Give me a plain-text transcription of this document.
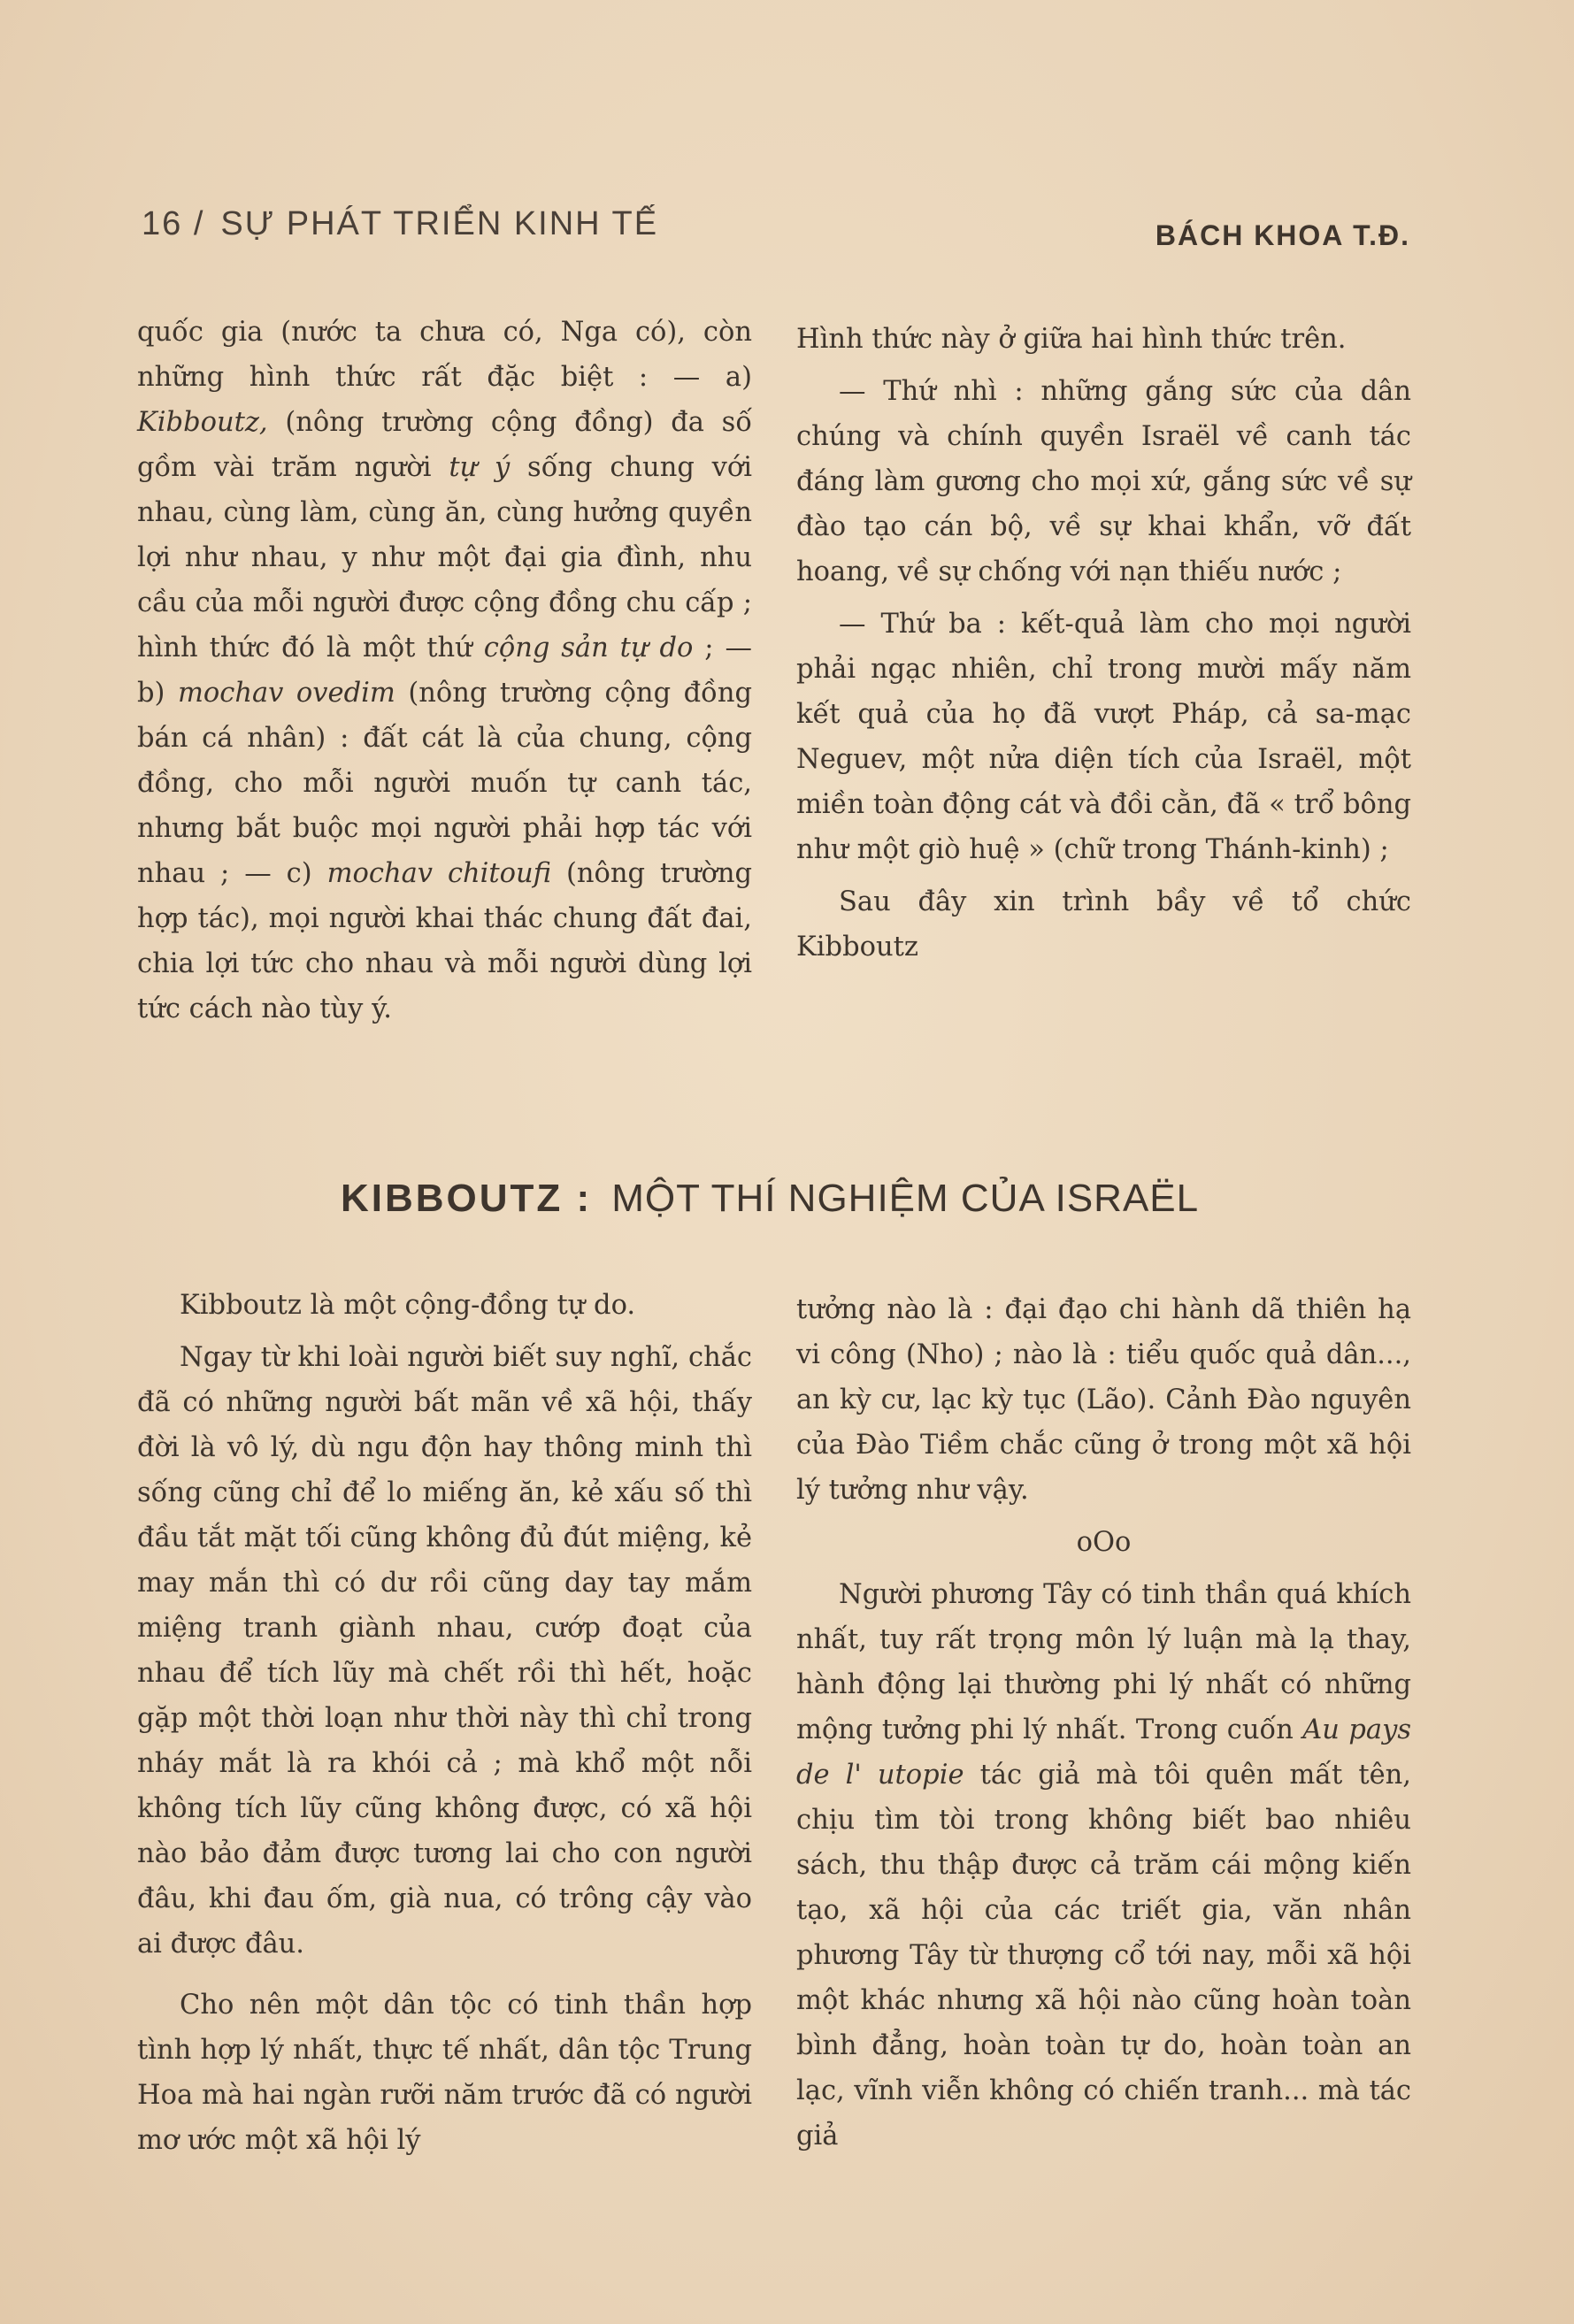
16 / SỰ PHÁT TRIỂN KINH TẾ	BÁCH KHOA T.Đ.

quốc gia (nước ta chưa có, Nga có), còn những hình thức rất đặc biệt : — a) Kibboutz, (nông trường cộng đồng) đa số gồm vài trăm người tự ý sống chung với nhau, cùng làm, cùng ăn, cùng hưởng quyền lợi như nhau, y như một đại gia đình, nhu cầu của mỗi người được cộng đồng chu cấp ; hình thức đó là một thứ cộng sản tự do ; — b) mochav ovedim (nông trường cộng đồng bán cá nhân) : đất cát là của chung, cộng đồng, cho mỗi người muốn tự canh tác, nhưng bắt buộc mọi người phải hợp tác với nhau ; — c) mochav chitoufi (nông trường hợp tác), mọi người khai thác chung đất đai, chia lợi tức cho nhau và mỗi người dùng lợi tức cách nào tùy ý.

Hình thức này ở giữa hai hình thức trên.

— Thứ nhì : những gắng sức của dân chúng và chính quyền Israël về canh tác đáng làm gương cho mọi xứ, gắng sức về sự đào tạo cán bộ, về sự khai khẩn, vỡ đất hoang, về sự chống với nạn thiếu nước ;

— Thứ ba : kết-quả làm cho mọi người phải ngạc nhiên, chỉ trong mười mấy năm kết quả của họ đã vượt Pháp, cả sa-mạc Neguev, một nửa diện tích của Israël, một miền toàn động cát và đồi cằn, đã « trổ bông như một giò huệ » (chữ trong Thánh-kinh) ;

Sau đây xin trình bầy về tổ chức Kibboutz

KIBBOUTZ : MỘT THÍ NGHIỆM CỦA ISRAËL

Kibboutz là một cộng-đồng tự do.

Ngay từ khi loài người biết suy nghĩ, chắc đã có những người bất mãn về xã hội, thấy đời là vô lý, dù ngu độn hay thông minh thì sống cũng chỉ để lo miếng ăn, kẻ xấu số thì đầu tắt mặt tối cũng không đủ đút miệng, kẻ may mắn thì có dư rồi cũng day tay mắm miệng tranh giành nhau, cướp đoạt của nhau để tích lũy mà chết rồi thì hết, hoặc gặp một thời loạn như thời này thì chỉ trong nháy mắt là ra khói cả ; mà khổ một nỗi không tích lũy cũng không được, có xã hội nào bảo đảm được tương lai cho con người đâu, khi đau ốm, già nua, có trông cậy vào ai được đâu.

Cho nên một dân tộc có tinh thần hợp tình hợp lý nhất, thực tế nhất, dân tộc Trung Hoa mà hai ngàn rưỡi năm trước đã có người mơ ước một xã hội lý

tưởng nào là : đại đạo chi hành dã thiên hạ vi công (Nho) ; nào là : tiểu quốc quả dân..., an kỳ cư, lạc kỳ tục (Lão). Cảnh Đào nguyên của Đào Tiềm chắc cũng ở trong một xã hội lý tưởng như vậy.

oOo

Người phương Tây có tinh thần quá khích nhất, tuy rất trọng môn lý luận mà lạ thay, hành động lại thường phi lý nhất có những mộng tưởng phi lý nhất. Trong cuốn Au pays de l' utopie tác giả mà tôi quên mất tên, chịu tìm tòi trong không biết bao nhiêu sách, thu thập được cả trăm cái mộng kiến tạo, xã hội của các triết gia, văn nhân phương Tây từ thượng cổ tới nay, mỗi xã hội một khác nhưng xã hội nào cũng hoàn toàn bình đẳng, hoàn toàn tự do, hoàn toàn an lạc, vĩnh viễn không có chiến tranh... mà tác giả
